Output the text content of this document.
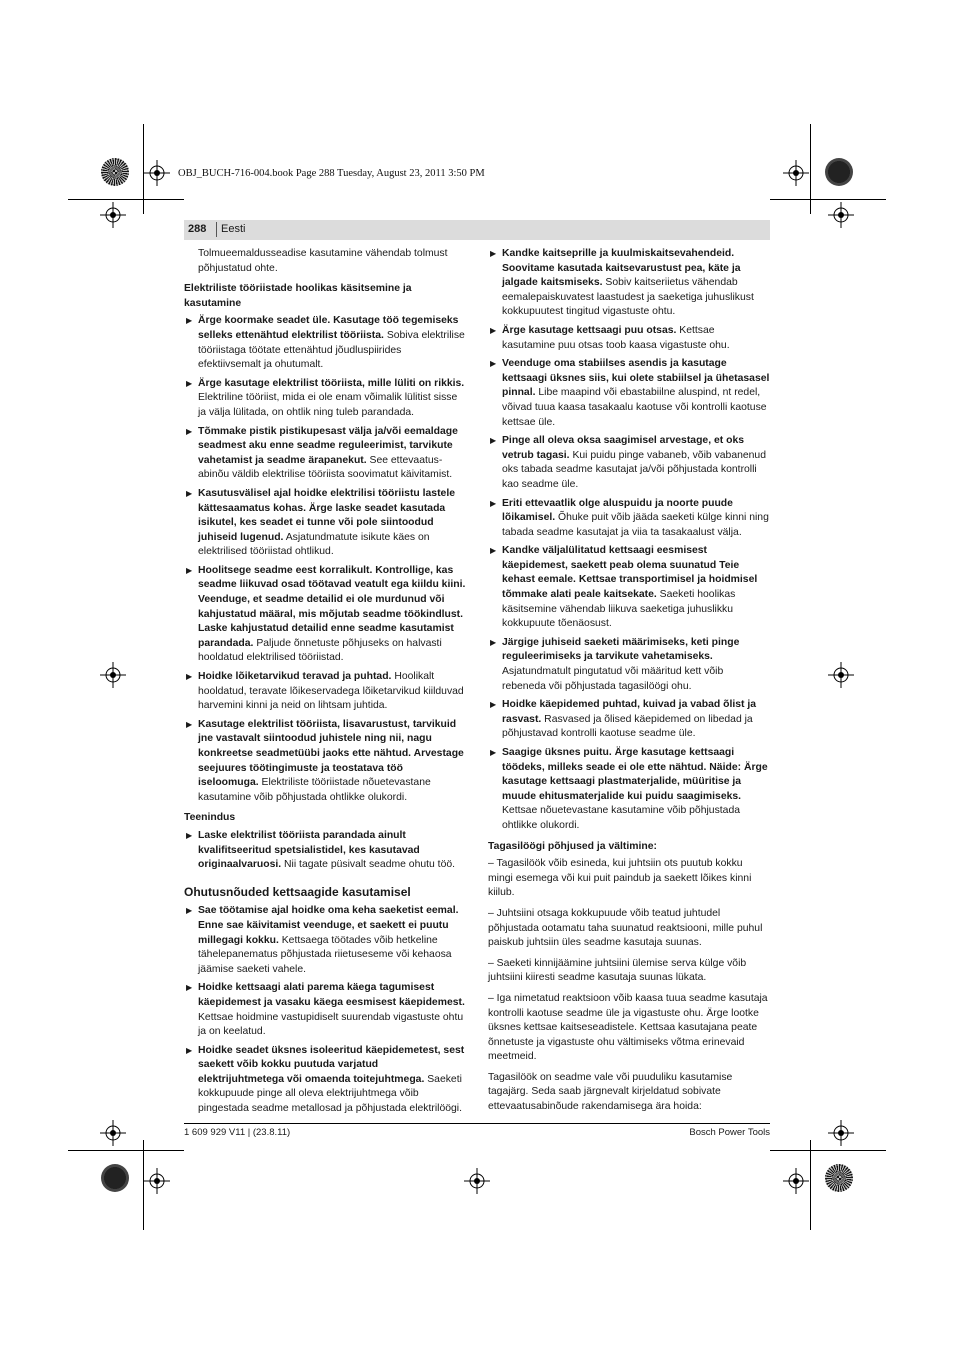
OBJ_BUCH-716-004.book Page 288 Tuesday, August 23, 2011 3:50 PM
288 Eesti

Tolmueemaldusseadise kasutamine vähendab tolmust põhjustatud ohte.

Elektriliste tööriistade hoolikas käsitsemine ja kasutamine

▶ Ärge koormake seadet üle. Kasutage töö tegemiseks selleks ettenähtud elektrilist tööriista. Sobiva elektrilise tööriistaga töötate ettenähtud jõudluspiirides efektiivsemalt ja ohutumalt.

▶ Ärge kasutage elektrilist tööriista, mille lüliti on rikkis. Elektriline tööriist, mida ei ole enam võimalik lülitist sisse ja välja lülitada, on ohtlik ning tuleb parandada.

▶ Tõmmake pistik pistikupesast välja ja/või eemaldage seadmest aku enne seadme reguleerimist, tarvikute vahetamist ja seadme ärapanekut. See ettevaatus-abinõu väldib elektrilise tööriista soovimatut käivitamist.

▶ Kasutusvälisel ajal hoidke elektrilisi tööriistu lastele kättesaamatus kohas. Ärge laske seadet kasutada isikutel, kes seadet ei tunne või pole siintoodud juhiseid lugenud. Asjatundmatute isikute käes on elektrilised tööriistad ohtlikud.

▶ Hoolitsege seadme eest korralikult. Kontrollige, kas seadme liikuvad osad töötavad veatult ega kiildu kiini. Veenduge, et seadme detailid ei ole murdunud või kahjustatud määral, mis mõjutab seadme töökindlust. Laske kahjustatud detailid enne seadme kasutamist parandada. Paljude õnnetuste põhjuseks on halvasti hooldatud elektrilised tööriistad.

▶ Hoidke lõiketarvikud teravad ja puhtad. Hoolikalt hooldatud, teravate lõikeservadega lõiketarvikud kiilduvad harvemini kinni ja neid on lihtsam juhtida.

▶ Kasutage elektrilist tööriista, lisavarustust, tarvikuid jne vastavalt siintoodud juhistele ning nii, nagu konkreetse seadmetüübi jaoks ette nähtud. Arvestage seejuures töötingimuste ja teostatava töö iseloomuga. Elektriliste tööriistade nõuetevastane kasutamine võib põhjustada ohtlikke olukordi.

Teenindus

▶ Laske elektrilist tööriista parandada ainult kvalifitseeritud spetsialistidel, kes kasutavad originaalvaruosi. Nii tagate püsivalt seadme ohutu töö.

Ohutusnõuded kettsaagide kasutamisel

▶ Sae töötamise ajal hoidke oma keha saeketist eemal. Enne sae käivitamist veenduge, et saekett ei puutu millegagi kokku. Kettsaega töötades võib hetkeline tähelepanematus põhjustada riietuseseme või kehaosa jäämise saeketi vahele.

▶ Hoidke kettsaagi alati parema käega tagumisest käepidemest ja vasaku käega eesmisest käepidemest. Kettsae hoidmine vastupidiselt suurendab vigastuste ohtu ja on keelatud.

▶ Hoidke seadet üksnes isoleeritud käepidemetest, sest saekett võib kokku puutuda varjatud elektrijuhtmetega või omaenda toitejuhtmega. Saeketi kokkupuude pinge all oleva elektrijuhtmega võib pingestada seadme metallosad ja põhjustada elektrilöögi.

▶ Kandke kaitseprille ja kuulmiskaitsevahendeid. Soovitame kasutada kaitsevarustust pea, käte ja jalgade kaitsmiseks. Sobiv kaitseriietus vähendab eemalepaiskuvatest laastudest ja saeketiga juhuslikust kokkupuutest tingitud vigastuste ohtu.

▶ Ärge kasutage kettsaagi puu otsas. Kettsae kasutamine puu otsas toob kaasa vigastuste ohu.

▶ Veenduge oma stabiilses asendis ja kasutage kettsaagi üksnes siis, kui olete stabiilsel ja ühetasasel pinnal. Libe maapind või ebastabiilne aluspind, nt redel, võivad tuua kaasa tasakaalu kaotuse või kontrolli kaotuse kettsae üle.

▶ Pinge all oleva oksa saagimisel arvestage, et oks vetrub tagasi. Kui puidu pinge vabaneb, võib vabanenud oks tabada seadme kasutajat ja/või põhjustada kontrolli kao seadme üle.

▶ Eriti ettevaatlik olge aluspuidu ja noorte puude lõikamisel. Õhuke puit võib jääda saeketi külge kinni ning tabada seadme kasutajat ja viia ta tasakaalust välja.

▶ Kandke väljalülitatud kettsaagi eesmisest käepidemest, saekett peab olema suunatud Teie kehast eemale. Kettsae transportimisel ja hoidmisel tõmmake alati peale kaitsekate. Saeketi hoolikas käsitsemine vähendab liikuva saeketiga juhuslikku kokkupuute tõenäosust.

▶ Järgige juhiseid saeketi määrimiseks, keti pinge reguleerimiseks ja tarvikute vahetamiseks. Asjatundmatult pingutatud või määritud kett võib rebeneda või põhjustada tagasilöögi ohu.

▶ Hoidke käepidemed puhtad, kuivad ja vabad õlist ja rasvast. Rasvased ja õlised käepidemed on libedad ja põhjustavad kontrolli kaotuse seadme üle.

▶ Saagige üksnes puitu. Ärge kasutage kettsaagi töödeks, milleks seade ei ole ette nähtud. Näide: Ärge kasutage kettsaagi plastmaterjalide, müüritise ja muude ehitusmaterjalide kui puidu saagimiseks. Kettsae nõuetevastane kasutamine võib põhjustada ohtlikke olukordi.

Tagasilöögi põhjused ja vältimine:

– Tagasilöök võib esineda, kui juhtsiin ots puutub kokku mingi esemega või kui puit paindub ja saekett lõikes kinni kiilub.

– Juhtsiini otsaga kokkupuude võib teatud juhtudel põhjustada ootamatu taha suunatud reaktsiooni, mille puhul paiskub juhtsiin üles seadme kasutaja suunas.

– Saeketi kinnijäämine juhtsiini ülemise serva külge võib juhtsiini kiiresti seadme kasutaja suunas lükata.

– Iga nimetatud reaktsioon võib kaasa tuua seadme kasutaja kontrolli kaotuse seadme üle ja vigastuste ohu. Ärge lootke üksnes kettsae kaitseseadistele. Kettsaa kasutajana peate õnnetuste ja vigastuste ohu vältimiseks võtma erinevaid meetmeid.

Tagasilöök on seadme vale või puuduliku kasutamise tagajärg. Seda saab järgnevalt kirjeldatud sobivate ettevaatusabinõude rakendamisega ära hoida:

1 609 929 V11 | (23.8.11)	Bosch Power Tools
